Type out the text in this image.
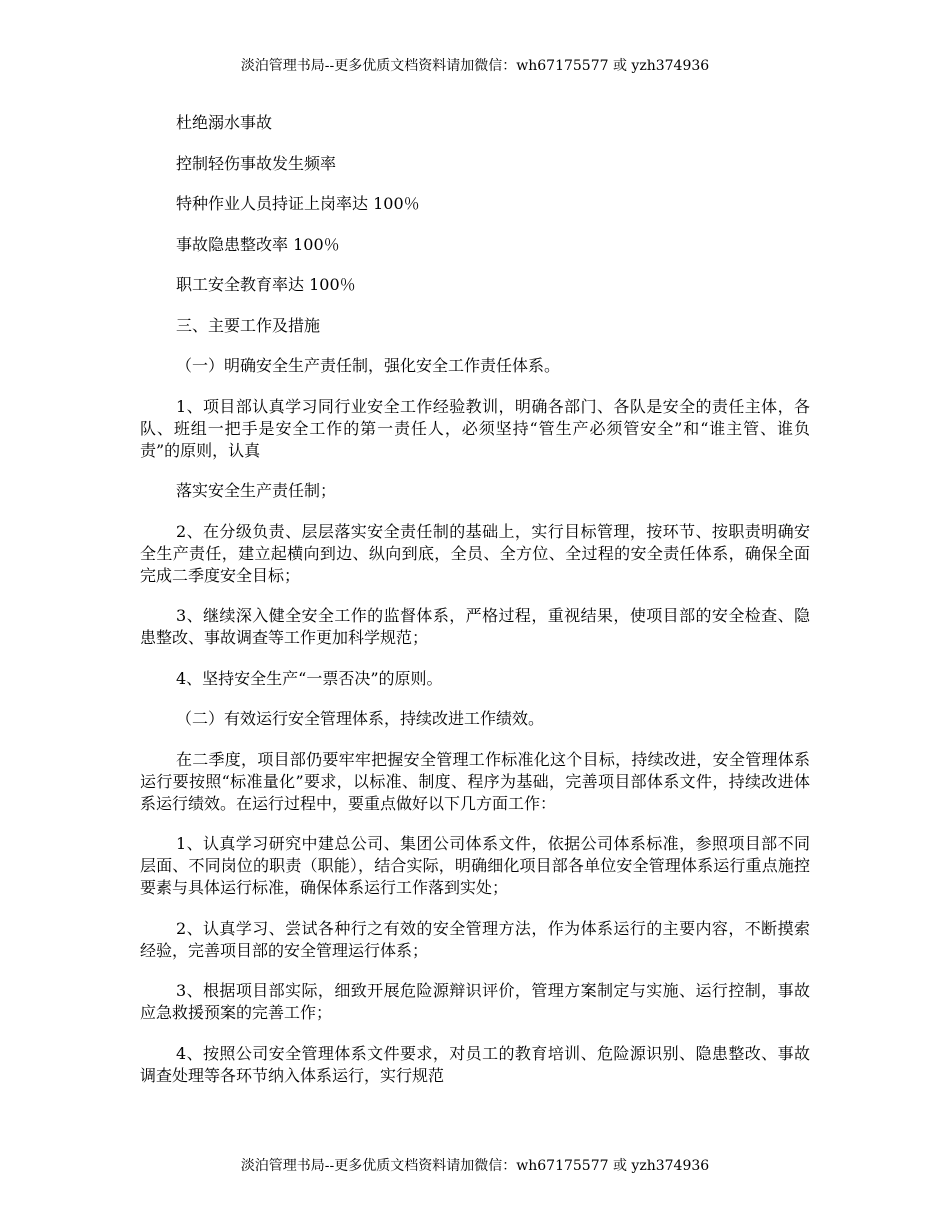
淡泊管理书局--更多优质文档资料请加微信：wh67175577 或 yzh374936

杜绝溺水事故

控制轻伤事故发生频率

特种作业人员持证上岗率达 100％

事故隐患整改率 100％

职工安全教育率达 100％

三、主要工作及措施

（一）明确安全生产责任制，强化安全工作责任体系。

1、项目部认真学习同行业安全工作经验教训，明确各部门、各队是安全的责任主体，各队、班组一把手是安全工作的第一责任人，必须坚持“管生产必须管安全”和“谁主管、谁负责”的原则，认真

落实安全生产责任制；

2、在分级负责、层层落实安全责任制的基础上，实行目标管理，按环节、按职责明确安全生产责任，建立起横向到边、纵向到底，全员、全方位、全过程的安全责任体系，确保全面完成二季度安全目标；

3、继续深入健全安全工作的监督体系，严格过程，重视结果，使项目部的安全检查、隐患整改、事故调查等工作更加科学规范；

4、坚持安全生产“一票否决”的原则。

（二）有效运行安全管理体系，持续改进工作绩效。

在二季度，项目部仍要牢牢把握安全管理工作标准化这个目标，持续改进，安全管理体系运行要按照“标准量化”要求，以标准、制度、程序为基础，完善项目部体系文件，持续改进体系运行绩效。在运行过程中，要重点做好以下几方面工作：

1、认真学习研究中建总公司、集团公司体系文件，依据公司体系标准，参照项目部不同层面、不同岗位的职责（职能），结合实际，明确细化项目部各单位安全管理体系运行重点施控要素与具体运行标准，确保体系运行工作落到实处；

2、认真学习、尝试各种行之有效的安全管理方法，作为体系运行的主要内容，不断摸索经验，完善项目部的安全管理运行体系；

3、根据项目部实际，细致开展危险源辩识评价，管理方案制定与实施、运行控制，事故应急救援预案的完善工作；

4、按照公司安全管理体系文件要求，对员工的教育培训、危险源识别、隐患整改、事故调查处理等各环节纳入体系运行，实行规范

淡泊管理书局--更多优质文档资料请加微信：wh67175577 或 yzh374936
